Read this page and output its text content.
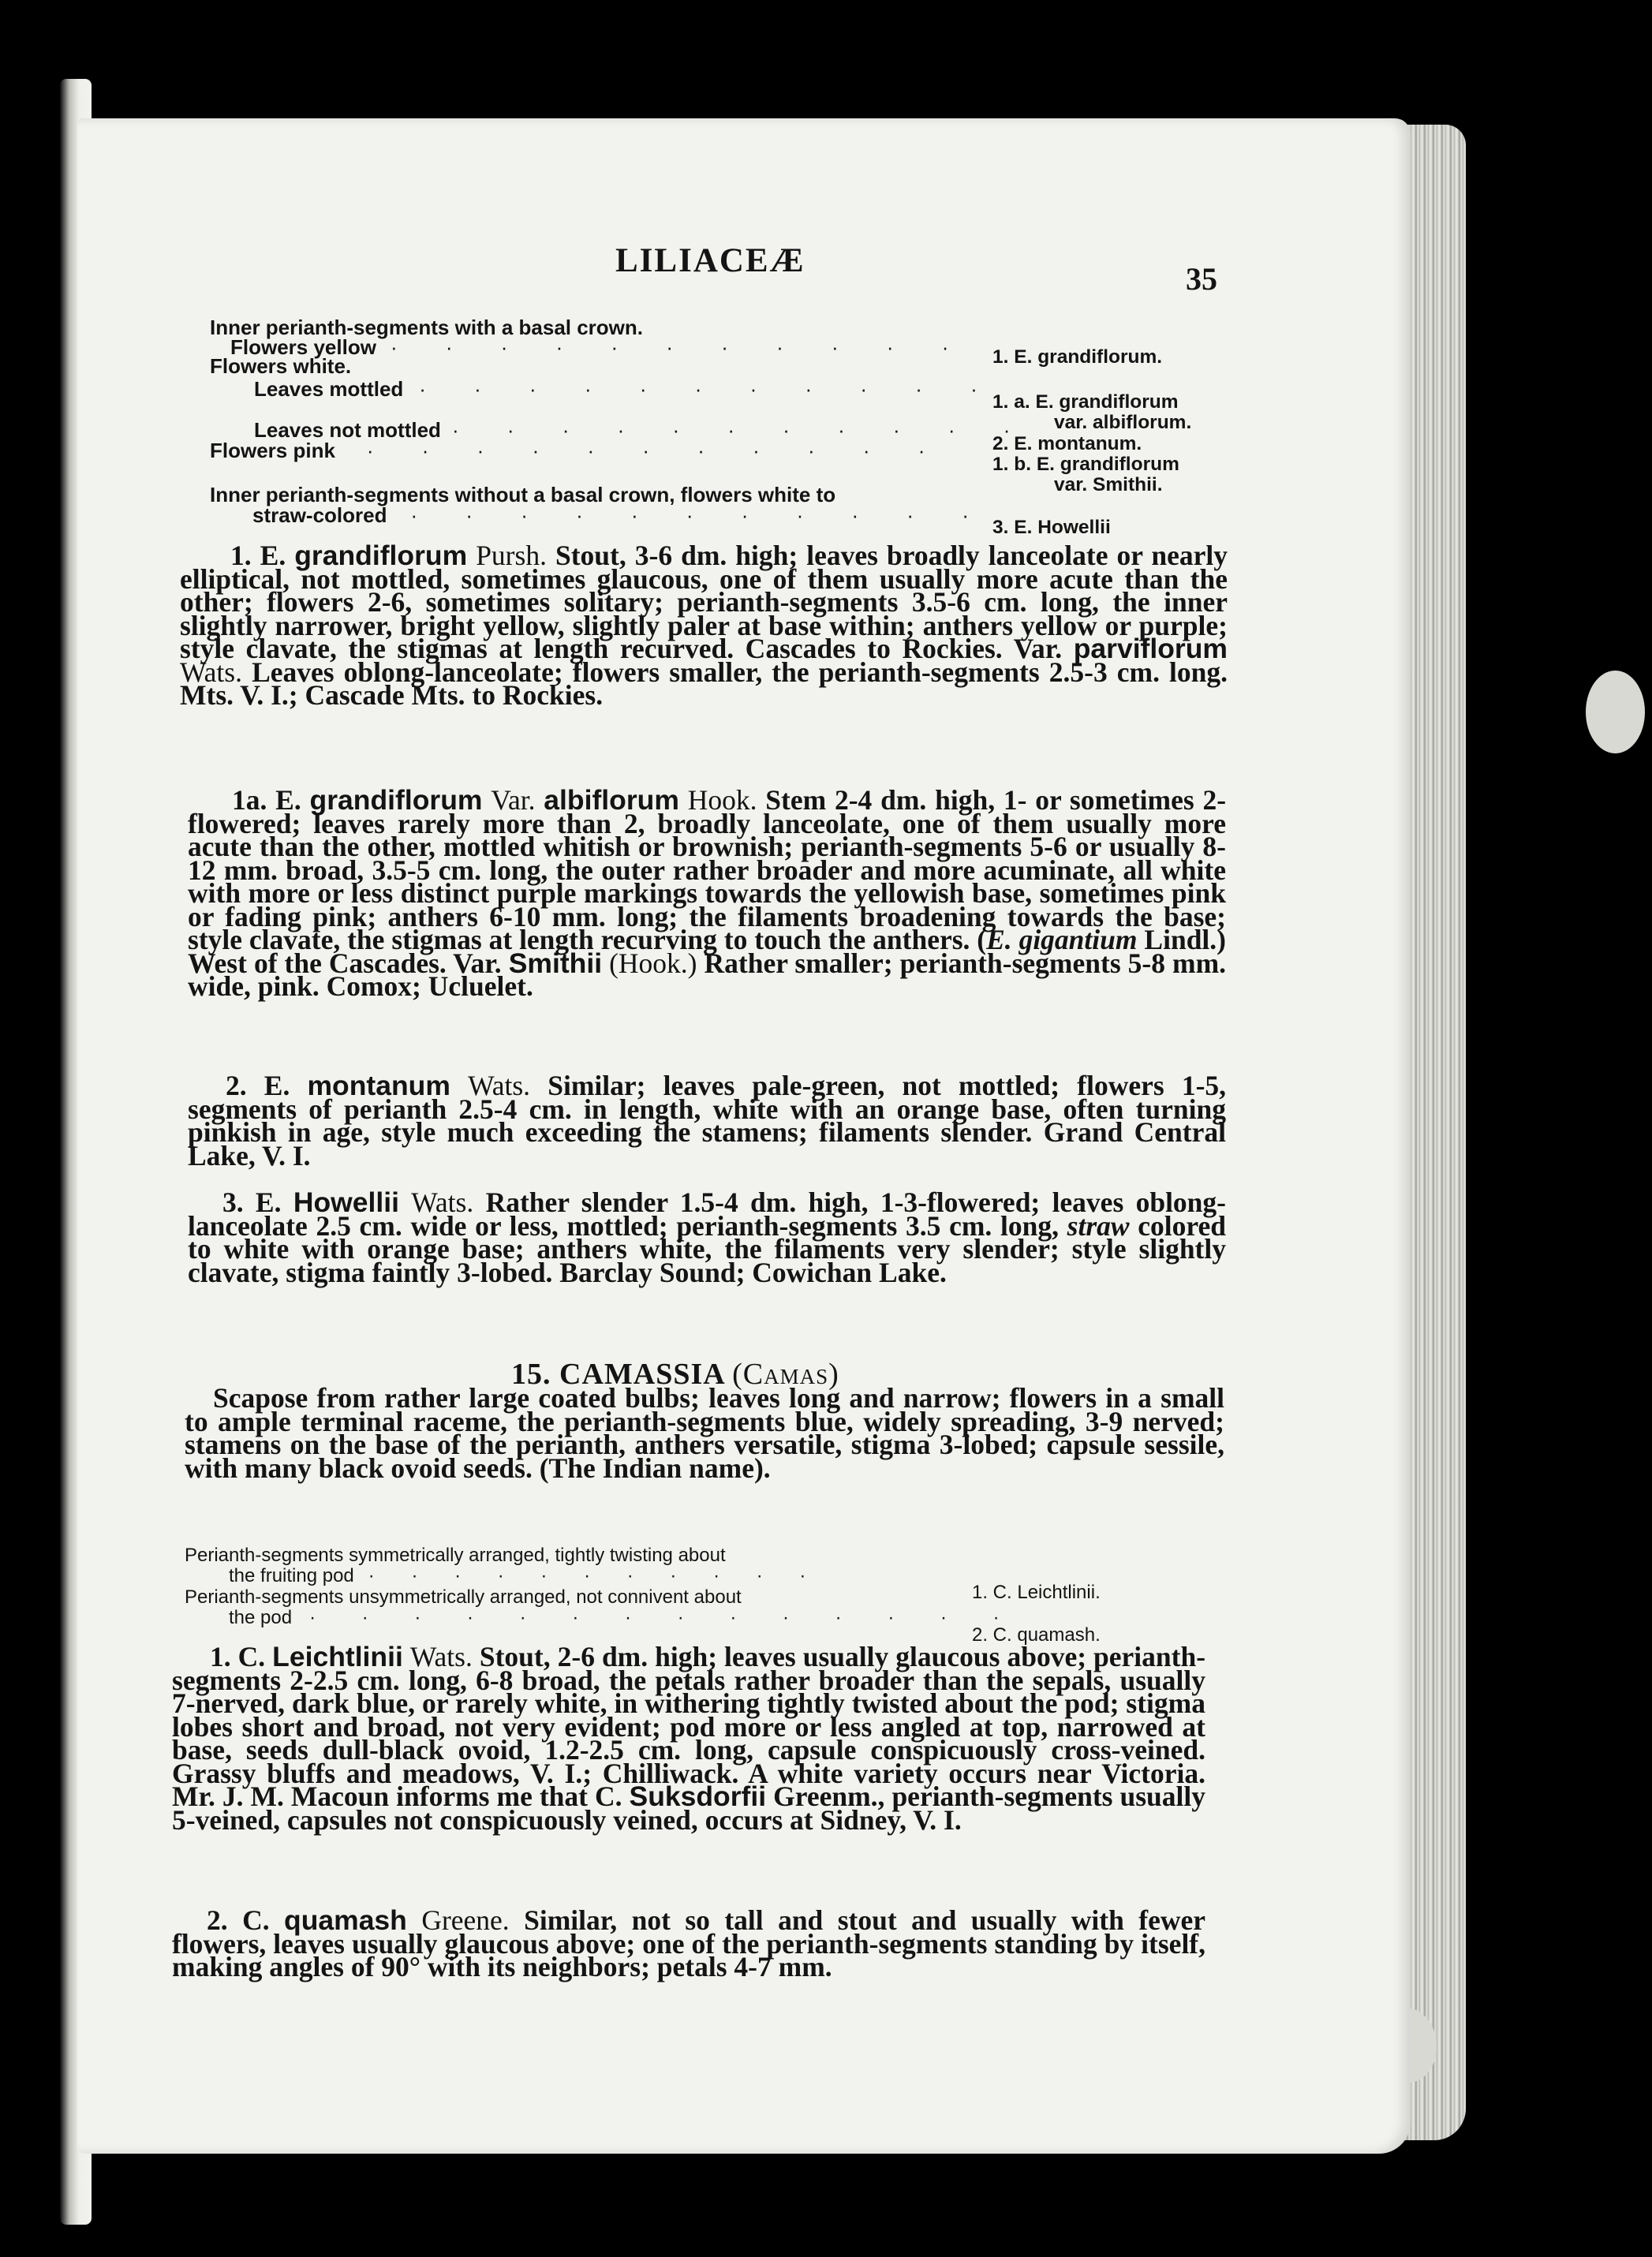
LILIACEÆ	35
Inner perianth-segments with a basal crown.
Flowers yellow · · · · · · · · · · ·
Flowers white.
Leaves mottled · · · · · · · · · · ·
Leaves not mottled · · · · · · · · · · ·
Flowers pink · · · · · · · · · · ·
Inner perianth-segments without a basal crown, flowers white to
straw-colored · · · · · · · · · · ·
1. E. grandiflorum.
1. a. E. grandiflorum
var. albiflorum.
2. E. montanum.
1. b. E. grandiflorum
var. Smithii.
3. E. Howellii
1. E. grandiflorum Pursh. Stout, 3-6 dm. high; leaves broadly lanceolate or nearly elliptical, not mottled, sometimes glaucous, one of them usually more acute than the other; flowers 2-6, sometimes solitary; perianth-segments 3.5-6 cm. long, the inner slightly narrower, bright yellow, slightly paler at base within; anthers yellow or purple; style clavate, the stigmas at length recurved. Cascades to Rockies. Var. parviflorum Wats. Leaves oblong-lanceolate; flowers smaller, the perianth-segments 2.5-3 cm. long. Mts. V. I.; Cascade Mts. to Rockies.
1a. E. grandiflorum Var. albiflorum Hook. Stem 2-4 dm. high, 1- or sometimes 2-flowered; leaves rarely more than 2, broadly lanceolate, one of them usually more acute than the other, mottled whitish or brownish; perianth-segments 5-6 or usually 8-12 mm. broad, 3.5-5 cm. long, the outer rather broader and more acuminate, all white with more or less distinct purple markings towards the yellowish base, sometimes pink or fading pink; anthers 6-10 mm. long; the filaments broadening towards the base; style clavate, the stigmas at length recurving to touch the anthers. (E. gigantium Lindl.) West of the Cascades. Var. Smithii (Hook.) Rather smaller; perianth-segments 5-8 mm. wide, pink. Comox; Ucluelet.
2. E. montanum Wats. Similar; leaves pale-green, not mottled; flowers 1-5, segments of perianth 2.5-4 cm. in length, white with an orange base, often turning pinkish in age, style much exceeding the stamens; filaments slender. Grand Central Lake, V. I.
3. E. Howellii Wats. Rather slender 1.5-4 dm. high, 1-3-flowered; leaves oblong-lanceolate 2.5 cm. wide or less, mottled; perianth-segments 3.5 cm. long, straw colored to white with orange base; anthers white, the filaments very slender; style slightly clavate, stigma faintly 3-lobed. Barclay Sound; Cowichan Lake.
15. CAMASSIA (Camas)
Scapose from rather large coated bulbs; leaves long and narrow; flowers in a small to ample terminal raceme, the perianth-segments blue, widely spreading, 3-9 nerved; stamens on the base of the perianth, anthers versatile, stigma 3-lobed; capsule sessile, with many black ovoid seeds. (The Indian name).
Perianth-segments symmetrically arranged, tightly twisting about
the fruiting pod · · · · · · · · · · ·
Perianth-segments unsymmetrically arranged, not connivent about
the pod · · · · · · · · · · · · · ·
1. C. Leichtlinii.
2. C. quamash.
1. C. Leichtlinii Wats. Stout, 2-6 dm. high; leaves usually glaucous above; perianth-segments 2-2.5 cm. long, 6-8 broad, the petals rather broader than the sepals, usually 7-nerved, dark blue, or rarely white, in withering tightly twisted about the pod; stigma lobes short and broad, not very evident; pod more or less angled at top, narrowed at base, seeds dull-black ovoid, 1.2-2.5 cm. long, capsule conspicuously cross-veined. Grassy bluffs and meadows, V. I.; Chilliwack. A white variety occurs near Victoria. Mr. J. M. Macoun informs me that C. Suksdorfii Greenm., perianth-segments usually 5-veined, capsules not conspicuously veined, occurs at Sidney, V. I.
2. C. quamash Greene. Similar, not so tall and stout and usually with fewer flowers, leaves usually glaucous above; one of the perianth-segments standing by itself, making angles of 90° with its neighbors; petals 4-7 mm.
